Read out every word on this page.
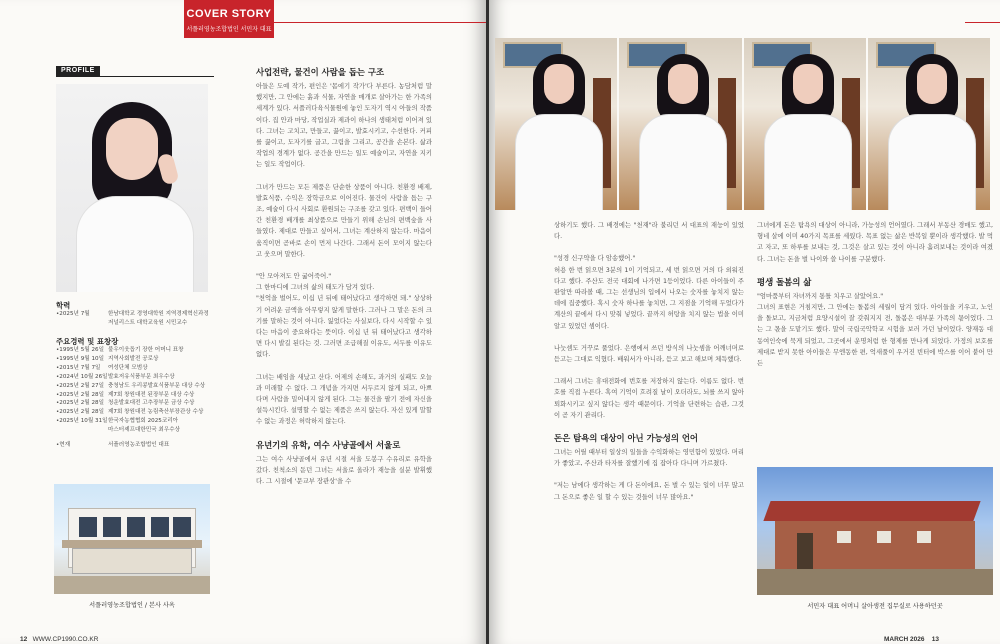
COVER STORY
서플러영농조합법인 서민자 대표
PROFILE
학력
•2025년 7월	한남대학교 경영대학원 지역경제혁신과정
저널리스트 대학교육원 시민교수
주요경력 및 표창장
•1995년 5월 26일 불우이웃돕기 장한 어머니 표창
•1995년 9월 10일 지역사회발전 공로상
•2015년 7월 7일	여성단체 모범상
•2024년 10월 26일 발효저유식품부문 최우수상
•2025년 2월 27일 충청남도 우리콩발효식품부문 대상 수상
•2025년 2월 28일 제7회 창원대전 된장부문 대상 수상
•2025년 2월 28일 청운발효대전 고추장부문 금상 수상
•2025년 2월 28일 제7회 창원대전 농림축산부장관상 수상
•2025년 10월 31일 한국자농협협회 2025코리아
마스터셰프대한민국 최우수상
•현재	서플러영농조합법인 대표
서플러영농조합법인 / 본사 사옥
사업전략, 물건이 사람을 돕는 구조

아들은 도예 작가, 편인은 '몸에기 작가'다 부른다. 농담처럼 말했지만, 그 안에는 흙과 식물, 자연을 매개로 살아가는 한 가족의 세계가 있다. 서플러다육식물원에 놓인 도자기 역시 아들의 작품이다. 집 안과 마당, 작업실과 제과이 하나의 생태처럼 이어져 있다. 그녀는 고치고, 만들고, 끓이고, 발효시키고, 수선한다. 커피를 끓이고, 도자기를 굽고, 그림을 그리고, 공간을 손본다. 삶과 작업의 경계가 없다. 공간을 만드는 일도 예술이고, 자연을 지키는 일도 작업이다.

그녀가 만드는 모든 제품은 단순한 상품이 아니다. 친환경 배제, 발효식품, 수익은 장학금으로 이어진다. 물건이 사람을 돕는 구조, 예술이 다시 사회로 환원되는 구조를 갖고 있다. 편백이 들어간 친환경 배개를 최상품으로 만들기 위해 손님의 편백숲을 사 들였다. 제대로 만들고 싶어서, 그녀는 계산하지 않는다. 마음이 움직이면 곧바로 손이 먼저 나간다. 그래서 돈이 모이지 않는다고 웃으며 말한다.

"안 모아져도 안 굶어죽어."

그 한마디에 그녀의 삶의 태도가 담겨 있다.

"천억을 벌어도, 이십 년 뒤에 태어났다고 생각하면 돼." 상상하기 어려운 금액을 아무렇지 않게 말한다. 그러나 그 말은 돈의 크기를 말하는 것이 아니다. 잃었다는 사실보다, 다시 시작할 수 있다는 마음이 중요하다는 뜻이다. 이십 년 뒤 태어났다고 생각하면 다시 발길 된다는 것. 그러면 조급해질 이유도, 서두를 이유도 없다.

그녀는 배임을 새났고 산다. 어제의 손해도, 과거의 실패도 오늘과 미래할 수 없다. 그 개념을 가지면 서두르지 않게 되고, 아쁘다며 사람을 밀어내지 않게 된다. 그는 물건을 팔기 전에 자신을 설득시킨다. 설명할 수 없는 제품은 쓰지 않는다. 자신 있게 말할 수 없는 과정은 허락하지 않는다.

유년기의 유학, 여수 사냥골에서 서울로

그는 여수 사냥골에서 유년 시절 서울 도봉구 수유리로 유학을 갔다. 친척소의 돋던 그녀는 서울로 올라가 재능을 실분 발휘했다. 그 시절에 '문교부 장관상'을 수

12 WWW.CP1990.CO.KR

상하기도 했다. 그 배경에는 "천재"라 불리던 서 대표의 재능이 있었다.

"성경 신구약을 다 암송했어."

허용 한 번 읽으면 3분의 1이 기억되고, 세 번 읽으면 거의 다 외워진다고 했다. 주산도 전국 대회에 나가면 1등이었다. 다른 아이들이 주판알만 따라볼 때, 그는 선생님의 입에서 나오는 숫자를 놓치지 않는 데에 집중했다. 혹시 숫자 하나를 놓치면, 그 지점을 기억해 두었다가 계산의 끝에서 다시 맞춰 넣었다. 끝까지 허탕을 치지 않는 법을 이미 알고 있었던 셈이다.

나눗셈도 거꾸로 풀었다. 은행에서 쓰던 방식의 나눗셈을 어깨너머로 듣고는 그대로 익혔다. 배워서가 아니라, 듣고 보고 해보며 체득했다.

그래서 그녀는 휴대전화에 번호를 저장하지 않는다. 이름도 없다. 번호를 직접 누른다. 혹여 기억이 흐려질 날이 오더라도, 뇌를 쓰지 않아 퇴화시키고 싶지 않다는 생각 때문이다. 기억을 단련하는 습관, 그것이 곧 자기 관리다.

돈은 탐욕의 대상이 아닌 가능성의 언어

그녀는 어릴 때부터 일상의 일들을 수익화하는 영민함이 있었다. 머리가 좋았고, 주산과 타자를 잘했기에 집 잡아다 다니며 가르쳤다.

"저는 남에다 생각하는 게 다 돈이에요, 돈 벌 수 있는 일이 너무 많고 그 돈으로 좋은 일 할 수 있는 것들이 너무 많아요."

그녀에게 돈은 탐욕의 대상이 아니라, 가능성의 언어였다. 그래서 부동산 경매도 했고, 형네 살에 이미 40가지 목표를 세웠다. 목표 없는 삶은 반복일 뿐이라 생각했다. 발 먹고 자고, 또 하루를 보내는 것, 그것은 살고 있는 것이 아니라 흘려보내는 것이라 여겼다. 그녀는 돈을 벌 나이와 쓸 나이를 구분했다.

평생 돌봄의 삶

"엄마품부터 자녀까지 통틀 치우고 살았어요."

그녀의 표현은 거침지만, 그 안에는 돌봄의 세월이 담겨 있다. 아이들을 키우고, 노인을 돌보고, 지금처럼 요양시설이 잘 갖춰지지 전, 돌봄은 대부분 가족의 몫이었다. 그는 그 몫을 도맡기도 했다. 말이 국립국악학교 시험을 보러 가던 날이었다. 양재동 대동여인숙에 묵게 되었고, 그곳에서 운명처럼 한 형제를 만나게 되었다. 가정의 보호를 제대로 받지 못한 아이들은 무엔동한 편, 억새풀이 우거진 빈터에 박스를 이어 붙어 만든

서민자 대표 어머니 살아생전 집무실로 사용하던곳
MARCH 2026 13
